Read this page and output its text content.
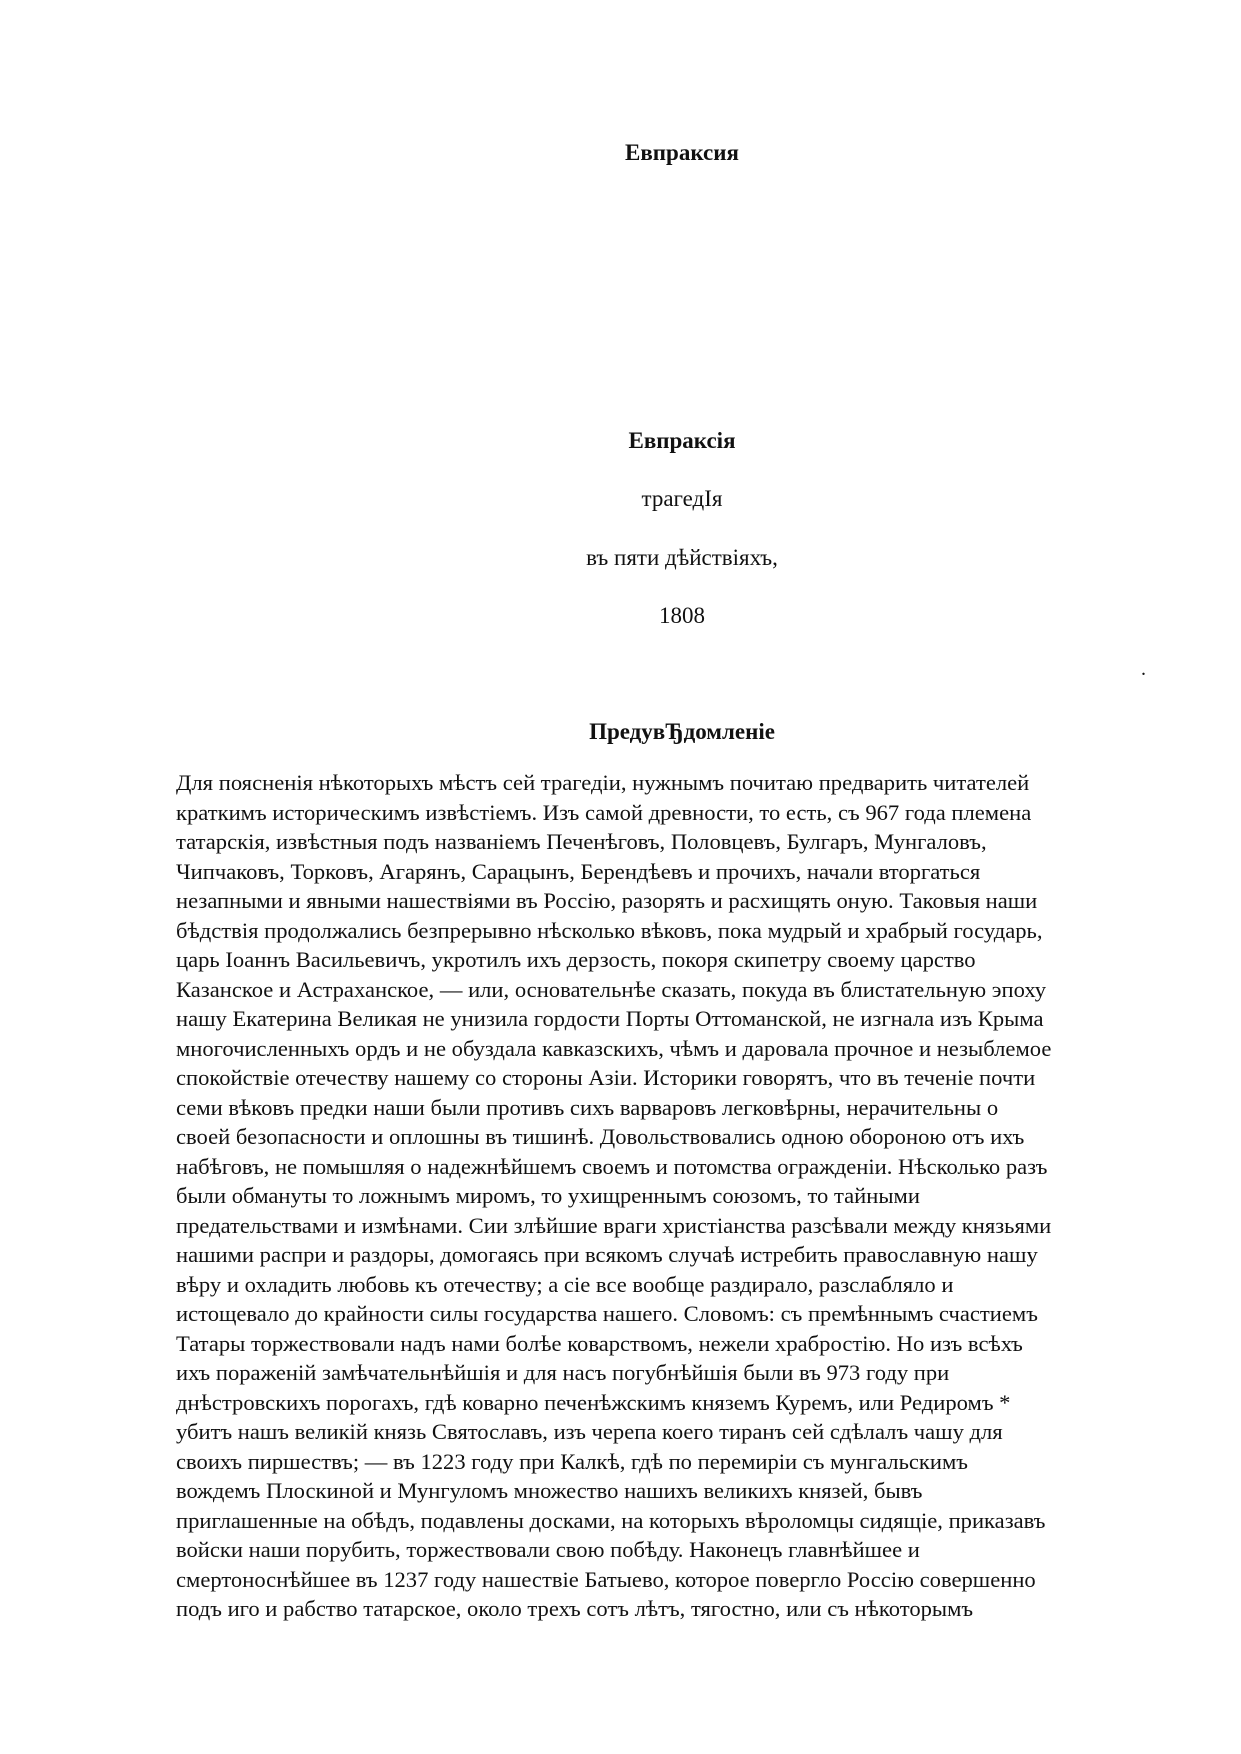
Евпраксия
Евпраксія
трагедIя
въ пяти дѣйствіяхъ,
1808
.
ПредувЂдомленіе
Для поясненія нѣкоторыхъ мѣстъ сей трагедіи, нужнымъ почитаю предварить читателей
краткимъ историческимъ извѣстіемъ. Изъ самой древности, то есть, съ 967 года племена
татарскія, извѣстныя подъ названіемъ Печенѣговъ, Половцевъ, Булгаръ, Мунгаловъ,
Чипчаковъ, Торковъ, Агарянъ, Сарацынъ, Берендѣевъ и прочихъ, начали вторгаться
незапными и явными нашествіями въ Россію, разорять и расхищять оную. Таковыя наши
бѣдствія продолжались безпрерывно нѣсколько вѣковъ, пока мудрый и храбрый государь,
царь Іоаннъ Васильевичъ, укротилъ ихъ дерзость, покоря скипетру своему царство
Казанское и Астраханское, — или, основательнѣе сказать, покуда въ блистательную эпоху
нашу Екатерина Великая не унизила гордости Порты Оттоманской, не изгнала изъ Крыма
многочисленныхъ ордъ и не обуздала кавказскихъ, чѣмъ и даровала прочное и незыблемое
спокойствіе отечеству нашему со стороны Азіи. Историки говорятъ, что въ теченіе почти
семи вѣковъ предки наши были противъ сихъ варваровъ легковѣрны, нерачительны о
своей безопасности и оплошны въ тишинѣ. Довольствовались одною обороною отъ ихъ
набѣговъ, не помышляя о надежнѣйшемъ своемъ и потомства огражденіи. Нѣсколько разъ
были обмануты то ложнымъ миромъ, то ухищреннымъ союзомъ, то тайными
предательствами и измѣнами. Сии злѣйшие враги христіанства разсѣвали между князьями
нашими распри и раздоры, домогаясь при всякомъ случаѣ истребить православную нашу
вѣру и охладить любовь къ отечеству; а сіе все вообще раздирало, разслабляло и
истощевало до крайности силы государства нашего. Словомъ: съ премѣннымъ счастиемъ
Татары торжествовали надъ нами болѣе коварствомъ, нежели храбростію. Но изъ всѣхъ
ихъ пораженій замѣчательнѣйшія и для насъ погубнѣйшія были въ 973 году при
днѣстровскихъ порогахъ, гдѣ коварно печенѣжскимъ княземъ Куремъ, или Редиромъ *
убитъ нашъ великій князь Святославъ, изъ черепа коего тиранъ сей сдѣлалъ чашу для
своихъ пиршествъ; — въ 1223 году при Калкѣ, гдѣ по перемиріи съ мунгальскимъ
вождемъ Плоскиной и Мунгуломъ множество нашихъ великихъ князей, бывъ
приглашенные на обѣдъ, подавлены досками, на которыхъ вѣроломцы сидящіе, приказавъ
войски наши порубить, торжествовали свою побѣду. Наконецъ главнѣйшее и
смертоноснѣйшее въ 1237 году нашествіе Батыево, которое повергло Россію совершенно
подъ иго и рабство татарское, около трехъ сотъ лѣтъ, тягостно, или съ нѣкоторымъ
